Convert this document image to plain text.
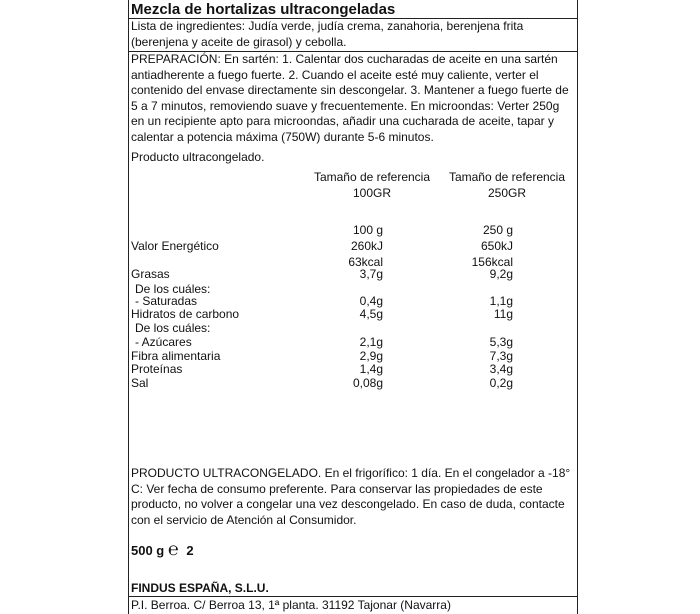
Mezcla de hortalizas ultracongeladas
Lista de ingredientes: Judía verde, judía crema, zanahoria, berenjena frita (berenjena y aceite de girasol) y cebolla.
PREPARACIÓN: En sartén: 1. Calentar dos cucharadas de aceite en una sartén antiadherente a fuego fuerte. 2. Cuando el aceite esté muy caliente, verter el contenido del envase directamente sin descongelar. 3. Mantener a fuego fuerte de 5 a 7 minutos, removiendo suave y frecuentemente. En microondas: Verter 250g en un recipiente apto para microondas, añadir una cucharada de aceite, tapar y calentar a potencia máxima (750W) durante 5-6 minutos.
Producto ultracongelado.
Tamaño de referencia
100GR
Tamaño de referencia
250GR
100 g	250 g
Valor Energético	260kJ	650kJ
63kcal	156kcal
Grasas	3,7g	9,2g
De los cuáles:
- Saturadas	0,4g	1,1g
Hidratos de carbono	4,5g	11g
De los cuáles:
- Azúcares	2,1g	5,3g
Fibra alimentaria	2,9g	7,3g
Proteínas	1,4g	3,4g
Sal	0,08g	0,2g
PRODUCTO ULTRACONGELADO. En el frigorífico: 1 día. En el congelador a -18° C: Ver fecha de consumo preferente. Para conservar las propiedades de este producto, no volver a congelar una vez descongelado. En caso de duda, contacte con el servicio de Atención al Consumidor.
500 g ℮ 2
FINDUS ESPAÑA, S.L.U.
P.I. Berroa. C/ Berroa 13, 1ª planta. 31192 Tajonar (Navarra)
